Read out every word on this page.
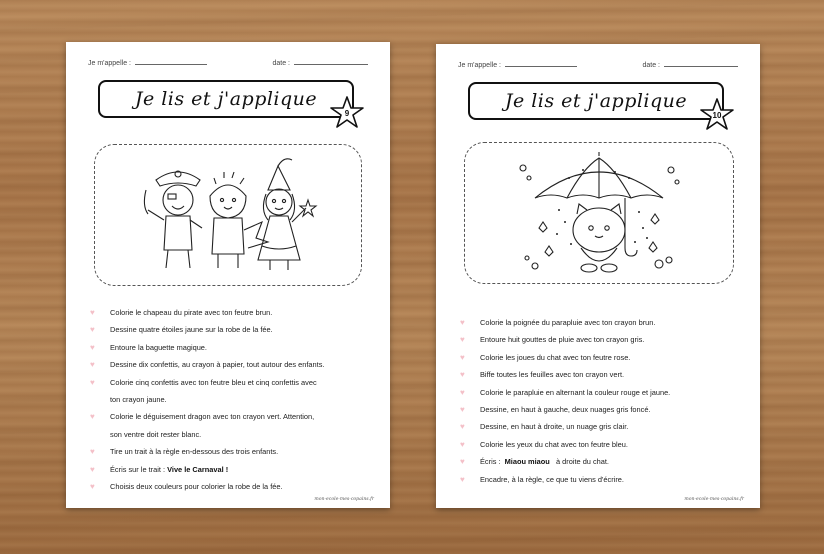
Je m'appelle :	date :
Je lis et j'applique
9
♥ Colorie le chapeau du pirate avec ton feutre brun.
♥ Dessine quatre étoiles jaune sur la robe de la fée.
♥ Entoure la baguette magique.
♥ Dessine dix confettis, au crayon à papier, tout autour des enfants.
♥ Colorie cinq confettis avec ton feutre bleu et cinq confettis avec
ton crayon jaune.
♥ Colorie le déguisement dragon avec ton crayon vert. Attention,
son ventre doit rester blanc.
♥ Tire un trait à la règle en-dessous des trois enfants.
♥ Écris sur le trait : Vive le Carnaval !
♥ Choisis deux couleurs pour colorier la robe de la fée.
mon-ecole-mes-copains.fr
Je m'appelle :	date :
Je lis et j'applique
10
♥ Colorie la poignée du parapluie avec ton crayon brun.
♥ Entoure huit gouttes de pluie avec ton crayon gris.
♥ Colorie les joues du chat avec ton feutre rose.
♥ Biffe toutes les feuilles avec ton crayon vert.
♥ Colorie le parapluie en alternant la couleur rouge et jaune.
♥ Dessine, en haut à gauche, deux nuages gris foncé.
♥ Dessine, en haut à droite, un nuage gris clair.
♥ Colorie les yeux du chat avec ton feutre bleu.
♥ Écris : Miaou miaou à droite du chat.
♥ Encadre, à la règle, ce que tu viens d'écrire.
mon-ecole-mes-copains.fr
